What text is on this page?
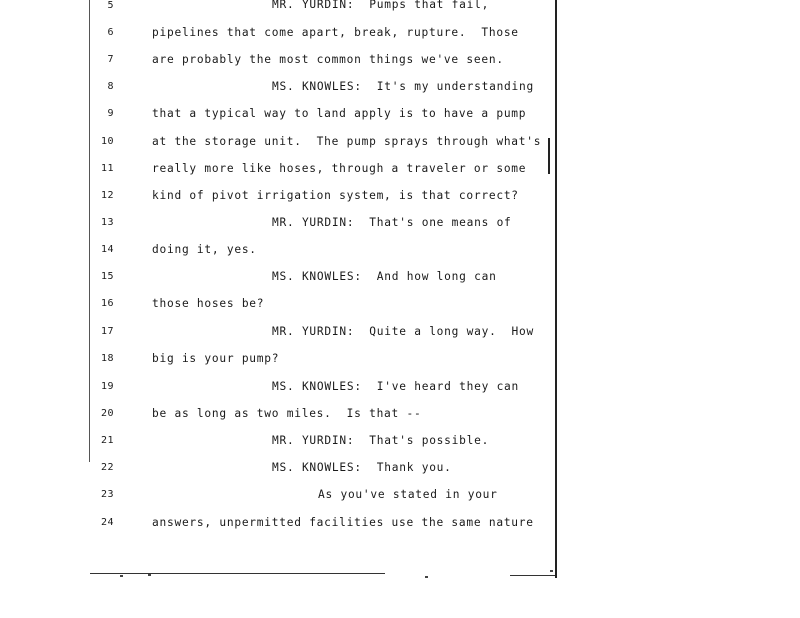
5	MR. YURDIN:  Pumps that fail,
6	pipelines that come apart, break, rupture.  Those
7	are probably the most common things we've seen.
8	MS. KNOWLES:  It's my understanding
9	that a typical way to land apply is to have a pump
10	at the storage unit.  The pump sprays through what's
11	really more like hoses, through a traveler or some
12	kind of pivot irrigation system, is that correct?
13	MR. YURDIN:  That's one means of
14	doing it, yes.
15	MS. KNOWLES:  And how long can
16	those hoses be?
17	MR. YURDIN:  Quite a long way.  How
18	big is your pump?
19	MS. KNOWLES:  I've heard they can
20	be as long as two miles.  Is that --
21	MR. YURDIN:  That's possible.
22	MS. KNOWLES:  Thank you.
23	As you've stated in your
24	answers, unpermitted facilities use the same nature
